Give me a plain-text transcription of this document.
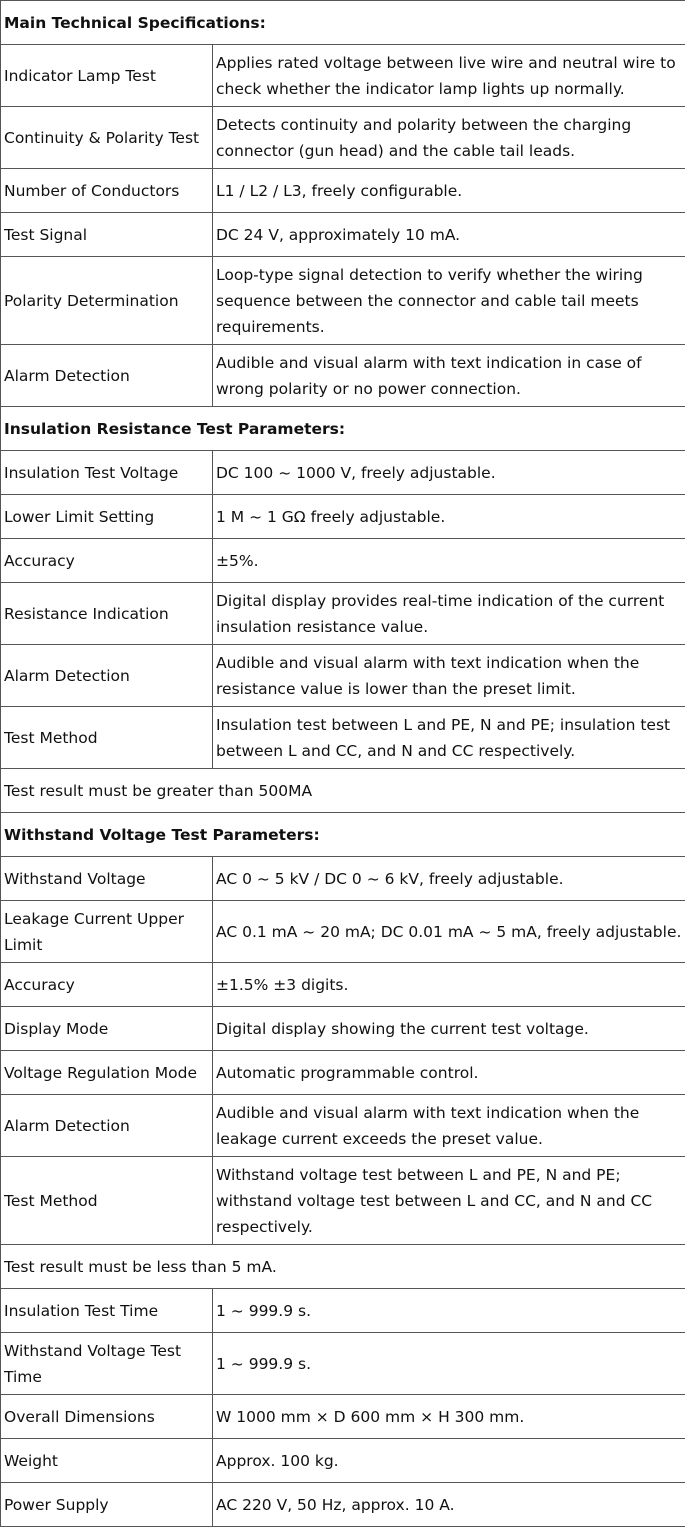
Main Technical Specifications:	
Indicator Lamp Test	Applies rated voltage between live wire and neutral wire to check whether the indicator lamp lights up normally.
Continuity & Polarity Test	Detects continuity and polarity between the charging connector (gun head) and the cable tail leads.
Number of Conductors	L1 / L2 / L3, freely configurable.
Test Signal	DC 24 V, approximately 10 mA.
Polarity Determination	Loop-type signal detection to verify whether the wiring sequence between the connector and cable tail meets requirements.
Alarm Detection	Audible and visual alarm with text indication in case of wrong polarity or no power connection.
Insulation Resistance Test Parameters:	
Insulation Test Voltage	DC 100 ~ 1000 V, freely adjustable.
Lower Limit Setting	1 M ~ 1 GΩ freely adjustable.
Accuracy	±5%.
Resistance Indication	Digital display provides real-time indication of the current insulation resistance value.
Alarm Detection	Audible and visual alarm with text indication when the resistance value is lower than the preset limit.
Test Method	Insulation test between L and PE, N and PE; insulation test between L and CC, and N and CC respectively.
Test result must be greater than 500MA	
Withstand Voltage Test Parameters:	
Withstand Voltage	AC 0 ~ 5 kV / DC 0 ~ 6 kV, freely adjustable.
Leakage Current Upper Limit	AC 0.1 mA ~ 20 mA; DC 0.01 mA ~ 5 mA, freely adjustable.
Accuracy	±1.5% ±3 digits.
Display Mode	Digital display showing the current test voltage.
Voltage Regulation Mode	Automatic programmable control.
Alarm Detection	Audible and visual alarm with text indication when the leakage current exceeds the preset value.
Test Method	Withstand voltage test between L and PE, N and PE; withstand voltage test between L and CC, and N and CC respectively.
Test result must be less than 5 mA.	
Insulation Test Time	1 ~ 999.9 s.
Withstand Voltage Test Time	1 ~ 999.9 s.
Overall Dimensions	W 1000 mm × D 600 mm × H 300 mm.
Weight	Approx. 100 kg.
Power Supply	AC 220 V, 50 Hz, approx. 10 A.
